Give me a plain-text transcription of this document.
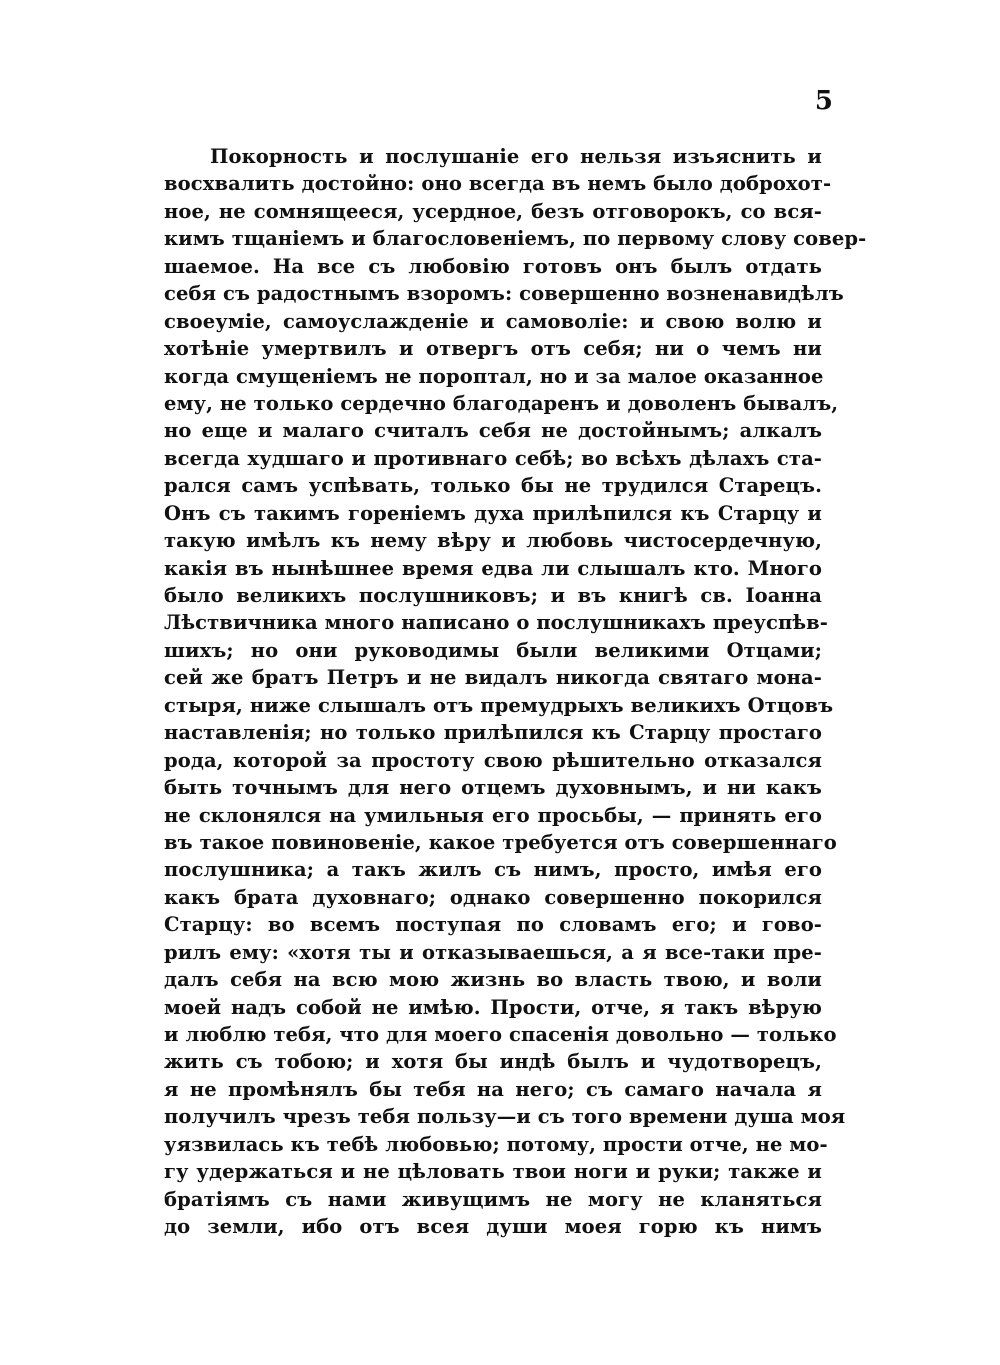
5
Покорность и послушаніе его нельзя изъяснить и
восхвалить достойно: оно всегда въ немъ было доброхот-
ное, не сомнящееся, усердное, безъ отговорокъ, со вся-
кимъ тщаніемъ и благословеніемъ, по первому слову совер-
шаемое. На все съ любовію готовъ онъ былъ отдать
себя съ радостнымъ взоромъ: совершенно возненавидѣлъ
своеуміе, самоуслажденіе и самоволіе: и свою волю и
хотѣніе умертвилъ и отвергъ отъ себя; ни о чемъ ни
когда смущеніемъ не пороптал, но и за малое оказанное
ему, не только сердечно благодаренъ и доволенъ бывалъ,
но еще и малаго считалъ себя не достойнымъ; алкалъ
всегда худшаго и противнаго себѣ; во всѣхъ дѣлахъ ста-
рался самъ успѣвать, только бы не трудился Старецъ.
Онъ съ такимъ гореніемъ духа прилѣпился къ Старцу и
такую имѣлъ къ нему вѣру и любовь чистосердечную,
какія въ нынѣшнее время едва ли слышалъ кто. Много
было великихъ послушниковъ; и въ книгѣ св. Іоанна
Лѣствичника много написано о послушникахъ преуспѣв-
шихъ; но они руководимы были великими Отцами;
сей же братъ Петръ и не видалъ никогда святаго мона-
стыря, ниже слышалъ отъ премудрыхъ великихъ Отцовъ
наставленія; но только прилѣпился къ Старцу простаго
рода, которой за простоту свою рѣшительно отказался
быть точнымъ для него отцемъ духовнымъ, и ни какъ
не склонялся на умильныя его просьбы, — принять его
въ такое повиновеніе, какое требуется отъ совершеннаго
послушника; а такъ жилъ съ нимъ, просто, имѣя его
какъ брата духовнаго; однако совершенно покорился
Старцу: во всемъ поступая по словамъ его; и гово-
рилъ ему: «хотя ты и отказываешься, а я все-таки пре-
далъ себя на всю мою жизнь во власть твою, и воли
моей надъ собой не имѣю. Прости, отче, я такъ вѣрую
и люблю тебя, что для моего спасенія довольно — только
жить съ тобою; и хотя бы индѣ былъ и чудотворецъ,
я не промѣнялъ бы тебя на него; съ самаго начала я
получилъ чрезъ тебя пользу—и съ того времени душа моя
уязвилась къ тебѣ любовью; потому, прости отче, не мо-
гу удержаться и не цѣловать твои ноги и руки; также и
братіямъ съ нами живущимъ не могу не кланяться
до земли, ибо отъ всея души моея горю къ нимъ
